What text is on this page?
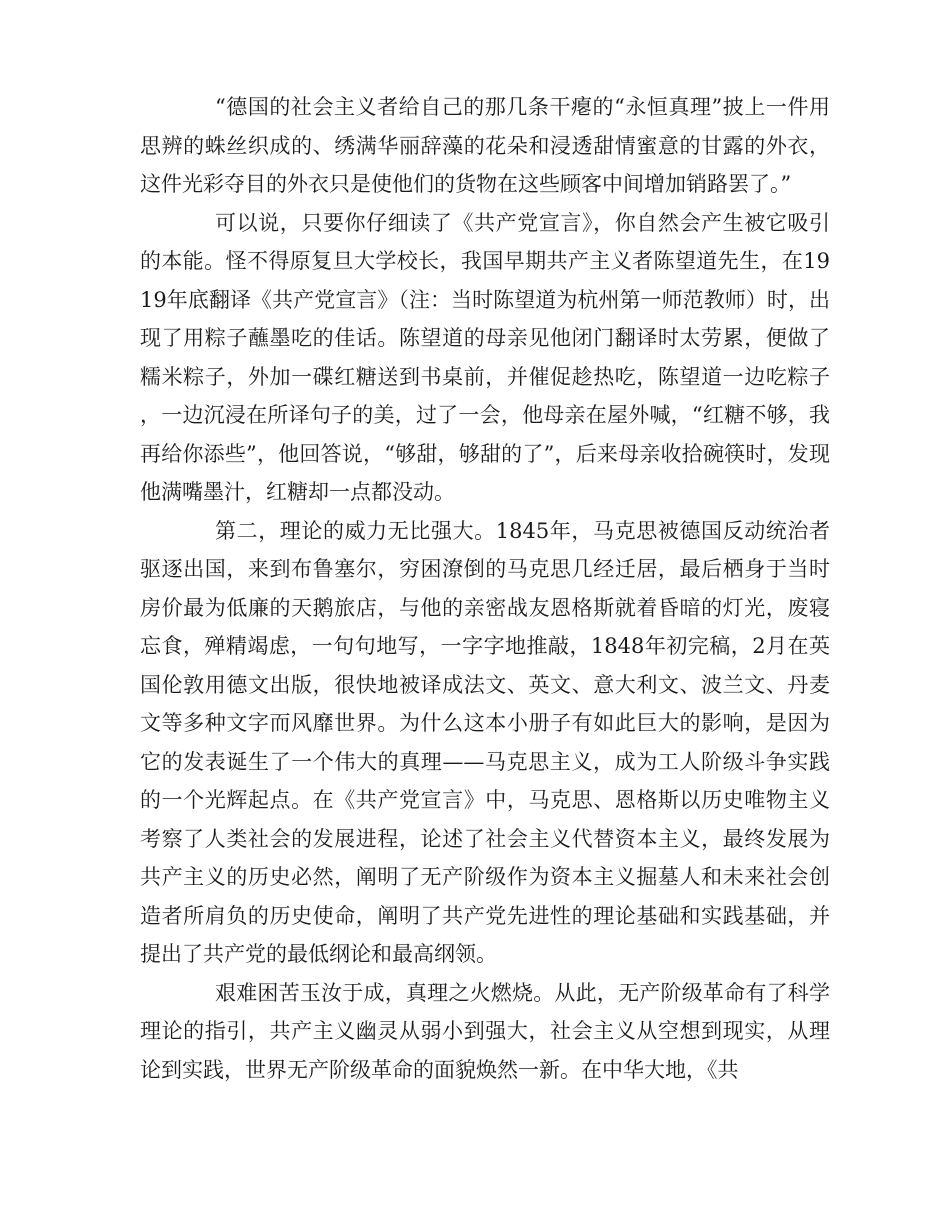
“德国的社会主义者给自己的那几条干瘪的“永恒真理”披上一件用思辨的蛛丝织成的、绣满华丽辞藻的花朵和浸透甜情蜜意的甘露的外衣，这件光彩夺目的外衣只是使他们的货物在这些顾客中间增加销路罢了。”

可以说，只要你仔细读了《共产党宣言》，你自然会产生被它吸引的本能。怪不得原复旦大学校长，我国早期共产主义者陈望道先生，在1919年底翻译《共产党宣言》（注：当时陈望道为杭州第一师范教师）时，出现了用粽子蘸墨吃的佳话。陈望道的母亲见他闭门翻译时太劳累，便做了糯米粽子，外加一碟红糖送到书桌前，并催促趁热吃，陈望道一边吃粽子，一边沉浸在所译句子的美，过了一会，他母亲在屋外喊，“红糖不够，我再给你添些”，他回答说，“够甜，够甜的了”，后来母亲收拾碗筷时，发现他满嘴墨汁，红糖却一点都没动。

第二，理论的威力无比强大。1845年，马克思被德国反动统治者驱逐出国，来到布鲁塞尔，穷困潦倒的马克思几经迁居，最后栖身于当时房价最为低廉的天鹅旅店，与他的亲密战友恩格斯就着昏暗的灯光，废寝忘食，殚精竭虑，一句句地写，一字字地推敲，1848年初完稿，2月在英国伦敦用德文出版，很快地被译成法文、英文、意大利文、波兰文、丹麦文等多种文字而风靡世界。为什么这本小册子有如此巨大的影响，是因为它的发表诞生了一个伟大的真理——马克思主义，成为工人阶级斗争实践的一个光辉起点。在《共产党宣言》中，马克思、恩格斯以历史唯物主义考察了人类社会的发展进程，论述了社会主义代替资本主义，最终发展为共产主义的历史必然，阐明了无产阶级作为资本主义掘墓人和未来社会创造者所肩负的历史使命，阐明了共产党先进性的理论基础和实践基础，并提出了共产党的最低纲论和最高纲领。

艰难困苦玉汝于成，真理之火燃烧。从此，无产阶级革命有了科学理论的指引，共产主义幽灵从弱小到强大，社会主义从空想到现实，从理论到实践，世界无产阶级革命的面貌焕然一新。在中华大地，《共
